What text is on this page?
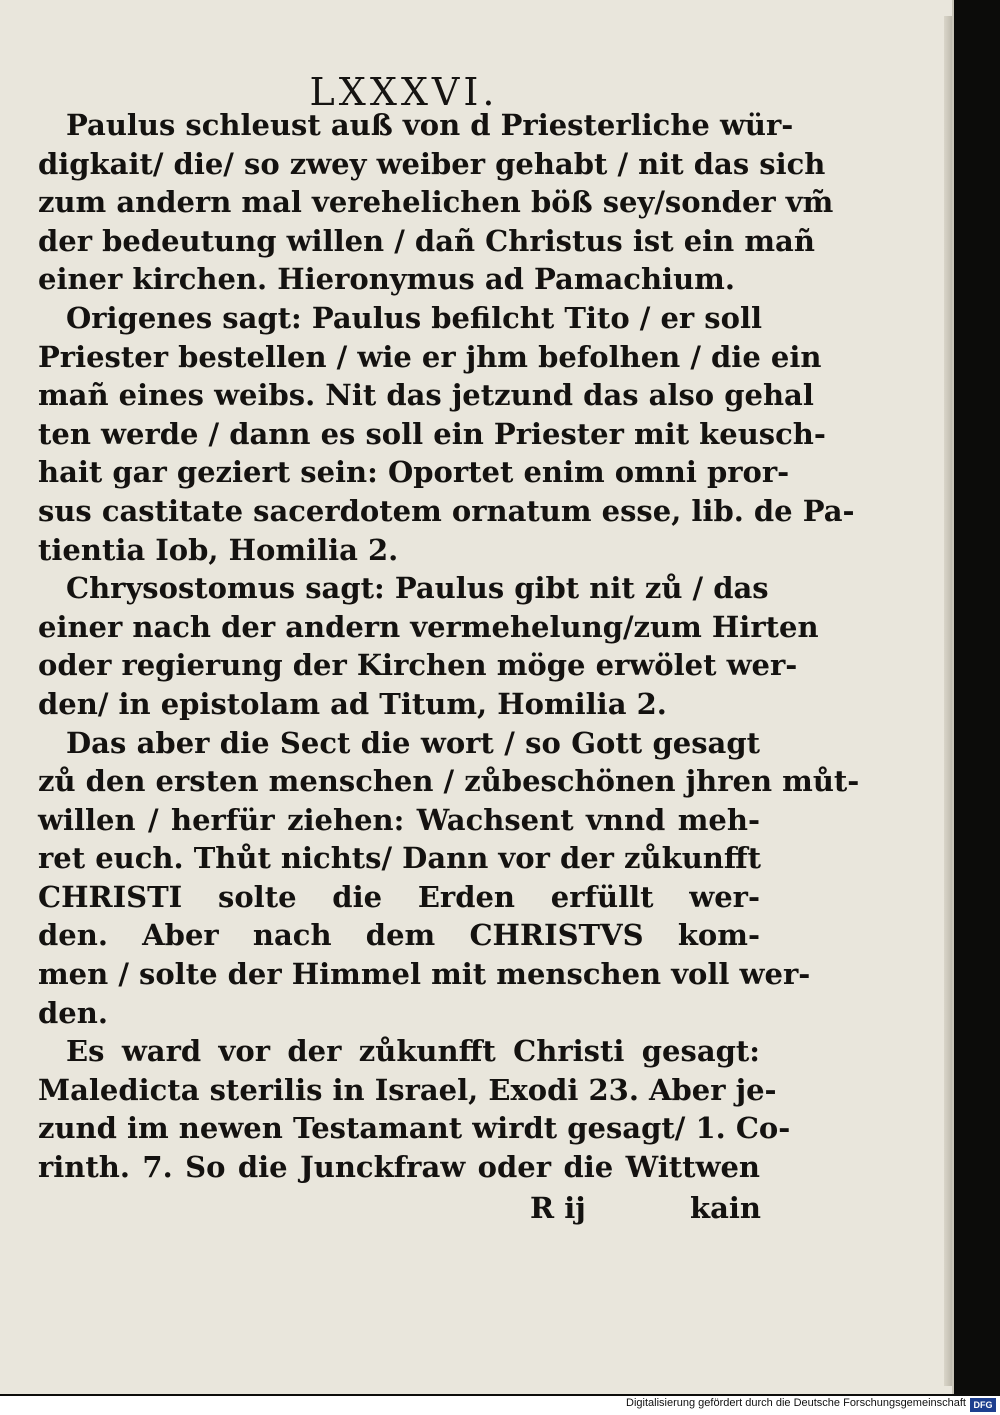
LXXXVI.
Paulus schleust auß von d Priesterliche wür-
digkait/ die/ so zwey weiber gehabt / nit das sich
zum andern mal verehelichen böß sey/sonder vm̃
der bedeutung willen / dañ Christus ist ein mañ
einer kirchen. Hieronymus ad Pamachium.
Origenes sagt: Paulus befilcht Tito / er soll
Priester bestellen / wie er jhm befolhen / die ein
mañ eines weibs. Nit das jetzund das also gehal
ten werde / dann es soll ein Priester mit keusch-
hait gar geziert sein: Oportet enim omni pror-
sus castitate sacerdotem ornatum esse, lib. de Pa-
tientia Iob, Homilia 2.
Chrysostomus sagt: Paulus gibt nit zů / das
einer nach der andern vermehelung/zum Hirten
oder regierung der Kirchen möge erwölet wer-
den/ in epistolam ad Titum, Homilia 2.
Das aber die Sect die wort / so Gott gesagt
zů den ersten menschen / zůbeschönen jhren můt-
willen / herfür ziehen: Wachsent vnnd meh-
ret euch. Thůt nichts/ Dann vor der zůkunfft
CHRISTI solte die Erden erfüllt wer-
den. Aber nach dem CHRISTVS kom-
men / solte der Himmel mit menschen voll wer-
den.
Es ward vor der zůkunfft Christi gesagt:
Maledicta sterilis in Israel, Exodi 23. Aber je-
zund im newen Testamant wirdt gesagt/ 1. Co-
rinth. 7. So die Junckfraw oder die Wittwen
R ij	kain
Digitalisierung gefördert durch die Deutsche Forschungsgemeinschaft DFG
